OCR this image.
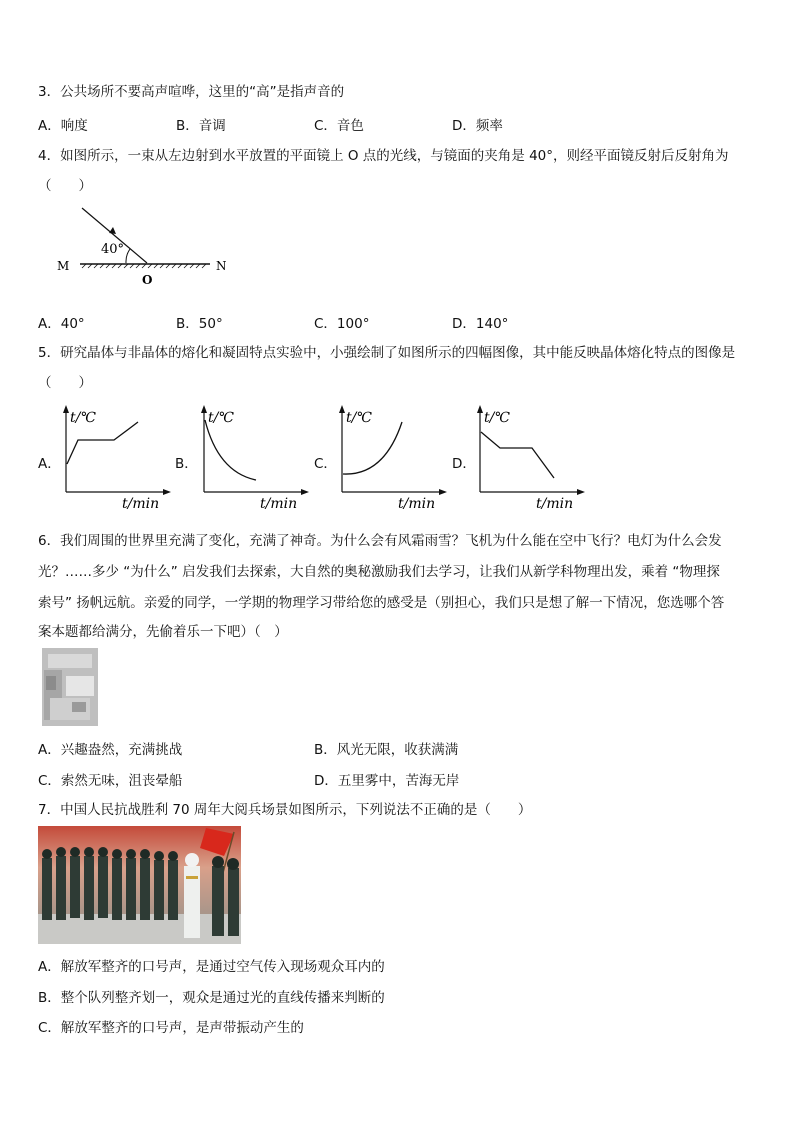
3．公共场所不要高声喧哗，这里的“高”是指声音的
A．响度	B．音调	C．音色	D．频率
4．如图所示，一束从左边射到水平放置的平面镜上 O 点的光线，与镜面的夹角是 40°，则经平面镜反射后反射角为
（　　）
40°
M	N
O
A．40°	B．50°	C．100°	D．140°
5．研究晶体与非晶体的熔化和凝固特点实验中，小强绘制了如图所示的四幅图像，其中能反映晶体熔化特点的图像是
（　　）
A．
t/℃
t/min
B．
t/℃
t/min
C．
t/℃
t/min
D．
t/℃
t/min
6．我们周围的世界里充满了变化，充满了神奇。为什么会有风霜雨雪？飞机为什么能在空中飞行？电灯为什么会发
光？……多少 “为什么” 启发我们去探索，大自然的奥秘激励我们去学习，让我们从新学科物理出发，乘着 “物理探
索号” 扬帆远航。亲爱的同学，一学期的物理学习带给您的感受是（别担心，我们只是想了解一下情况，您选哪个答
案本题都给满分，先偷着乐一下吧）（　）
A．兴趣盎然，充满挑战	B．风光无限，收获满满
C．索然无味，沮丧晕船	D．五里雾中，苦海无岸
7．中国人民抗战胜利 70 周年大阅兵场景如图所示，下列说法不正确的是（　　）
A．解放军整齐的口号声，是通过空气传入现场观众耳内的
B．整个队列整齐划一，观众是通过光的直线传播来判断的
C．解放军整齐的口号声，是声带振动产生的
